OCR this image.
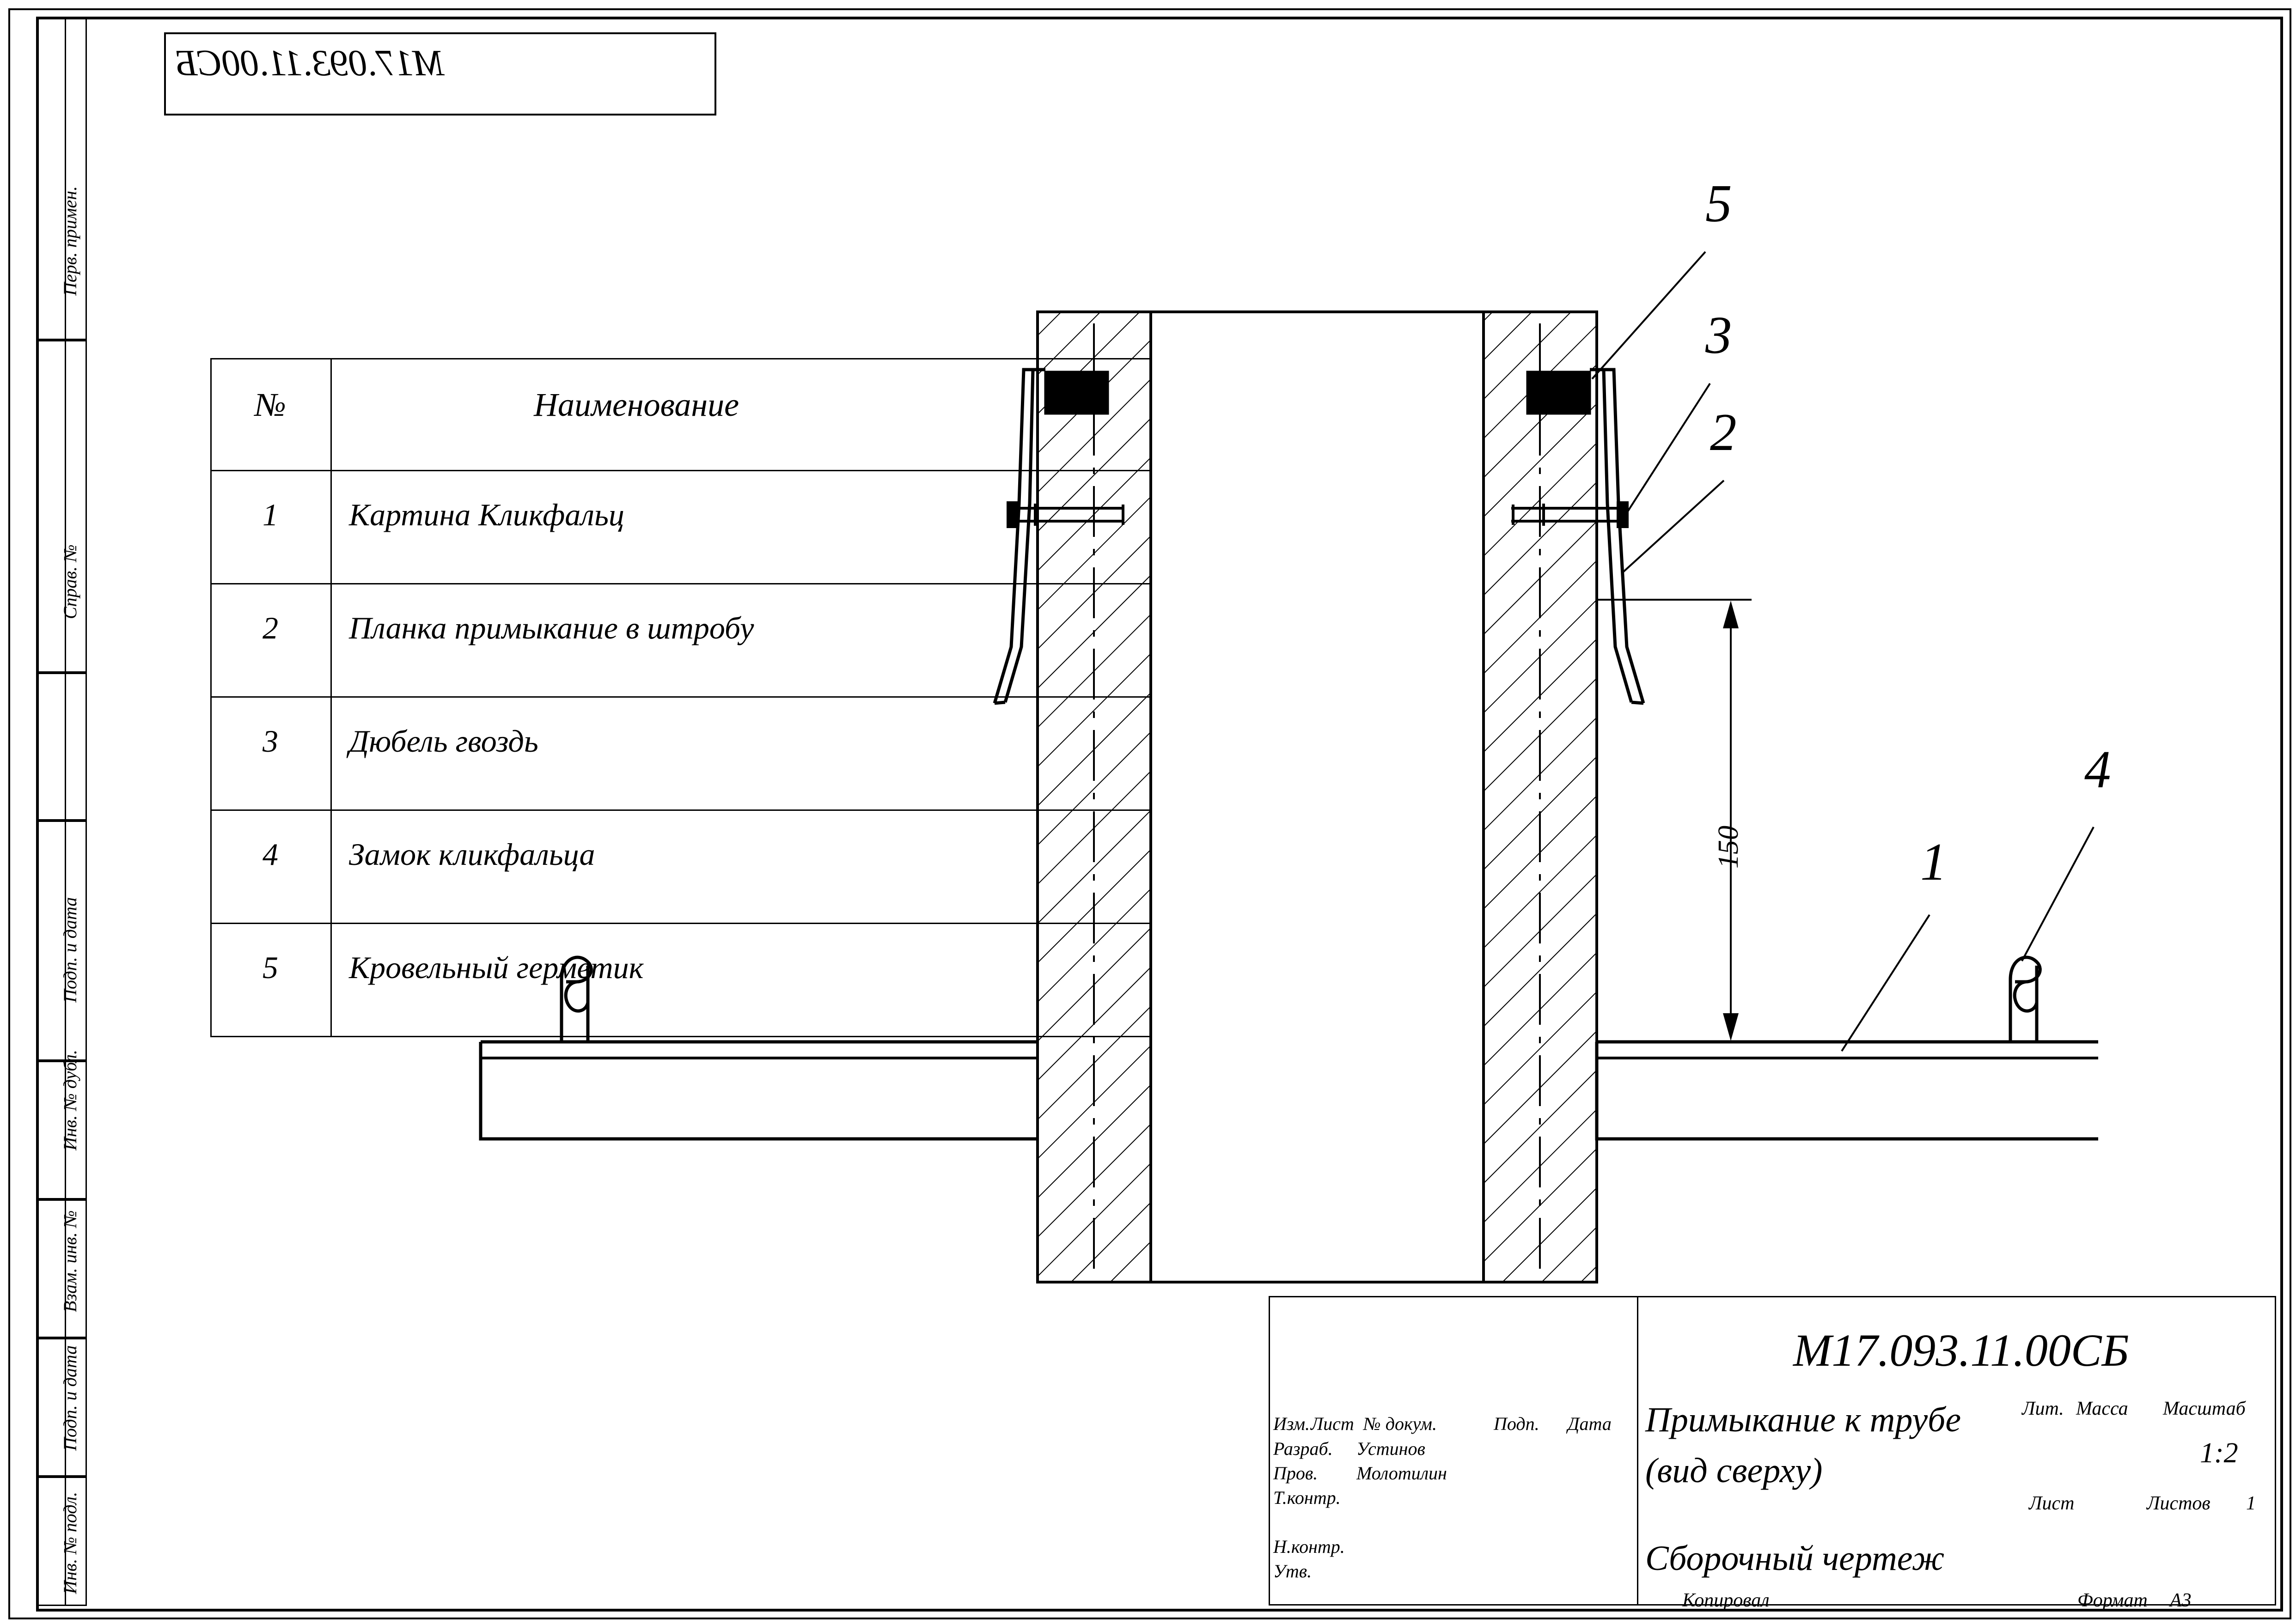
Перв. примен.
Справ. №
Подп. и дата
Инв. № дубл.
Взам. инв. №
Подп. и дата
Инв. № подл.
М17.093.11.00СБ
№	Наименование
1	Картина Кликфальц
2	Планка примыкание в штробу
3	Дюбель гвоздь
4	Замок кликфальца
5	Кровельный герметик
150
5
3
2
1
4
Изм. Лист № докум.	Подп. Дата
Разраб. Устинов
Пров. Молотилин
Т.контр.
Н.контр.
Утв.
М17.093.11.00СБ
Примыкание к трубе
(вид сверху)
Сборочный чертеж
Лит. Масса Масштаб
1:2
Лист	Листов 1
Копировал	Формат А3
